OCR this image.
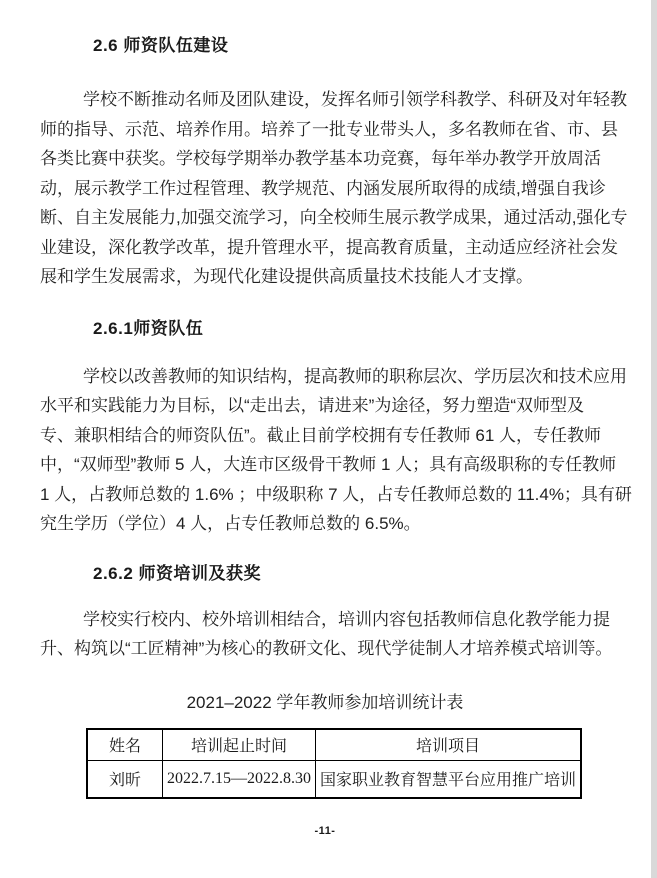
2.6 师资队伍建设
学校不断推动名师及团队建设，发挥名师引领学科教学、科研及对年轻教
师的指导、示范、培养作用。培养了一批专业带头人，多名教师在省、市、县
各类比赛中获奖。学校每学期举办教学基本功竞赛，每年举办教学开放周活
动，展示教学工作过程管理、教学规范、内涵发展所取得的成绩,增强自我诊
断、自主发展能力,加强交流学习，向全校师生展示教学成果，通过活动,强化专
业建设，深化教学改革，提升管理水平，提高教育质量，主动适应经济社会发
展和学生发展需求，为现代化建设提供高质量技术技能人才支撑。
2.6.1师资队伍
学校以改善教师的知识结构，提高教师的职称层次、学历层次和技术应用
水平和实践能力为目标，以“走出去，请进来”为途径，努力塑造“双师型及
专、兼职相结合的师资队伍”。截止目前学校拥有专任教师 61 人，专任教师
中，“双师型”教师 5 人，大连市区级骨干教师 1 人；具有高级职称的专任教师
1 人，占教师总数的 1.6% ；中级职称 7 人，占专任教师总数的 11.4%；具有研
究生学历（学位）4 人，占专任教师总数的 6.5%。
2.6.2 师资培训及获奖
学校实行校内、校外培训相结合，培训内容包括教师信息化教学能力提
升、构筑以“工匠精神”为核心的教研文化、现代学徒制人才培养模式培训等。
2021–2022 学年教师参加培训统计表
姓名	培训起止时间	培训项目
刘昕	2022.7.15—2022.8.30	国家职业教育智慧平台应用推广培训
-11-
